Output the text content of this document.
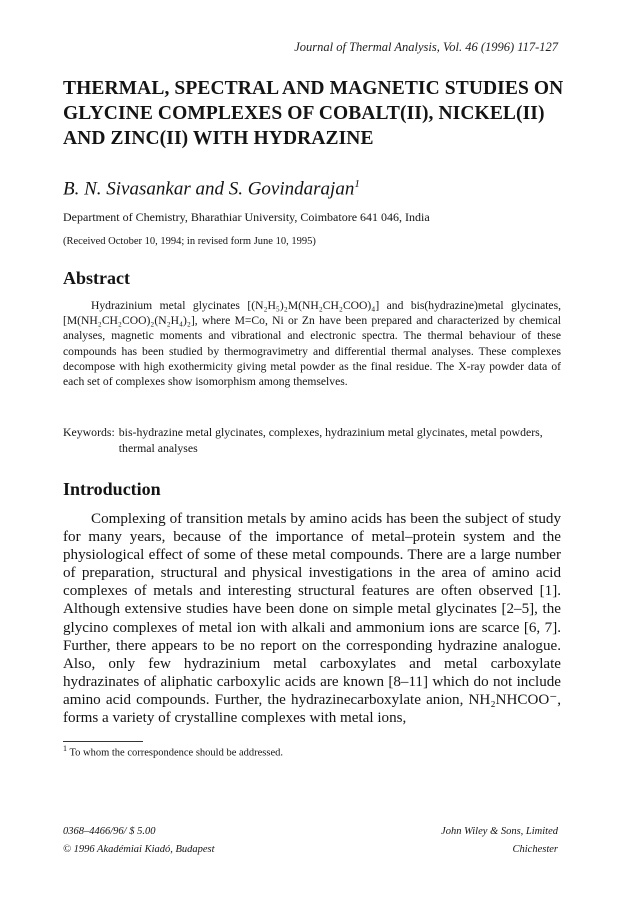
Journal of Thermal Analysis, Vol. 46 (1996) 117-127
THERMAL, SPECTRAL AND MAGNETIC STUDIES ON
GLYCINE COMPLEXES OF COBALT(II), NICKEL(II)
AND ZINC(II) WITH HYDRAZINE
B. N. Sivasankar and S. Govindarajan$^1$
Department of Chemistry, Bharathiar University, Coimbatore 641 046, India
(Received October 10, 1994; in revised form June 10, 1995)
Abstract

Hydrazinium metal glycinates [(N₂H₅)₂M(NH₂CH₂COO)₄] and bis(hydrazine)metal glycinates, [M(NH₂CH₂COO)₂(N₂H₄)₂], where M=Co, Ni or Zn have been prepared and characterized by chemical analyses, magnetic moments and vibrational and electronic spectra. The thermal behaviour of these compounds has been studied by thermogravimetry and differential thermal analyses. These complexes decompose with high exothermicity giving metal powder as the final residue. The X-ray powder data of each set of complexes show isomorphism among themselves.

Keywords: bis-hydrazine metal glycinates, complexes, hydrazinium metal glycinates, metal powders, thermal analyses
Introduction

Complexing of transition metals by amino acids has been the subject of study for many years, because of the importance of metal–protein system and the physiological effect of some of these metal compounds. There are a large number of preparation, structural and physical investigations in the area of amino acid complexes of metals and interesting structural features are often observed [1]. Although extensive studies have been done on simple metal glycinates [2–5], the glycino complexes of metal ion with alkali and ammonium ions are scarce [6, 7]. Further, there appears to be no report on the corresponding hydrazine analogue. Also, only few hydrazinium metal carboxylates and metal carboxylate hydrazinates of aliphatic carboxylic acids are known [8–11] which do not include amino acid compounds. Further, the hydrazinecarboxylate anion, NH₂NHCOO⁻, forms a variety of crystalline complexes with metal ions,

$^1$ To whom the correspondence should be addressed.
0368–4466/96/ $ 5.00
© 1996 Akadémiai Kiadó, Budapest
John Wiley & Sons, Limited
Chichester
